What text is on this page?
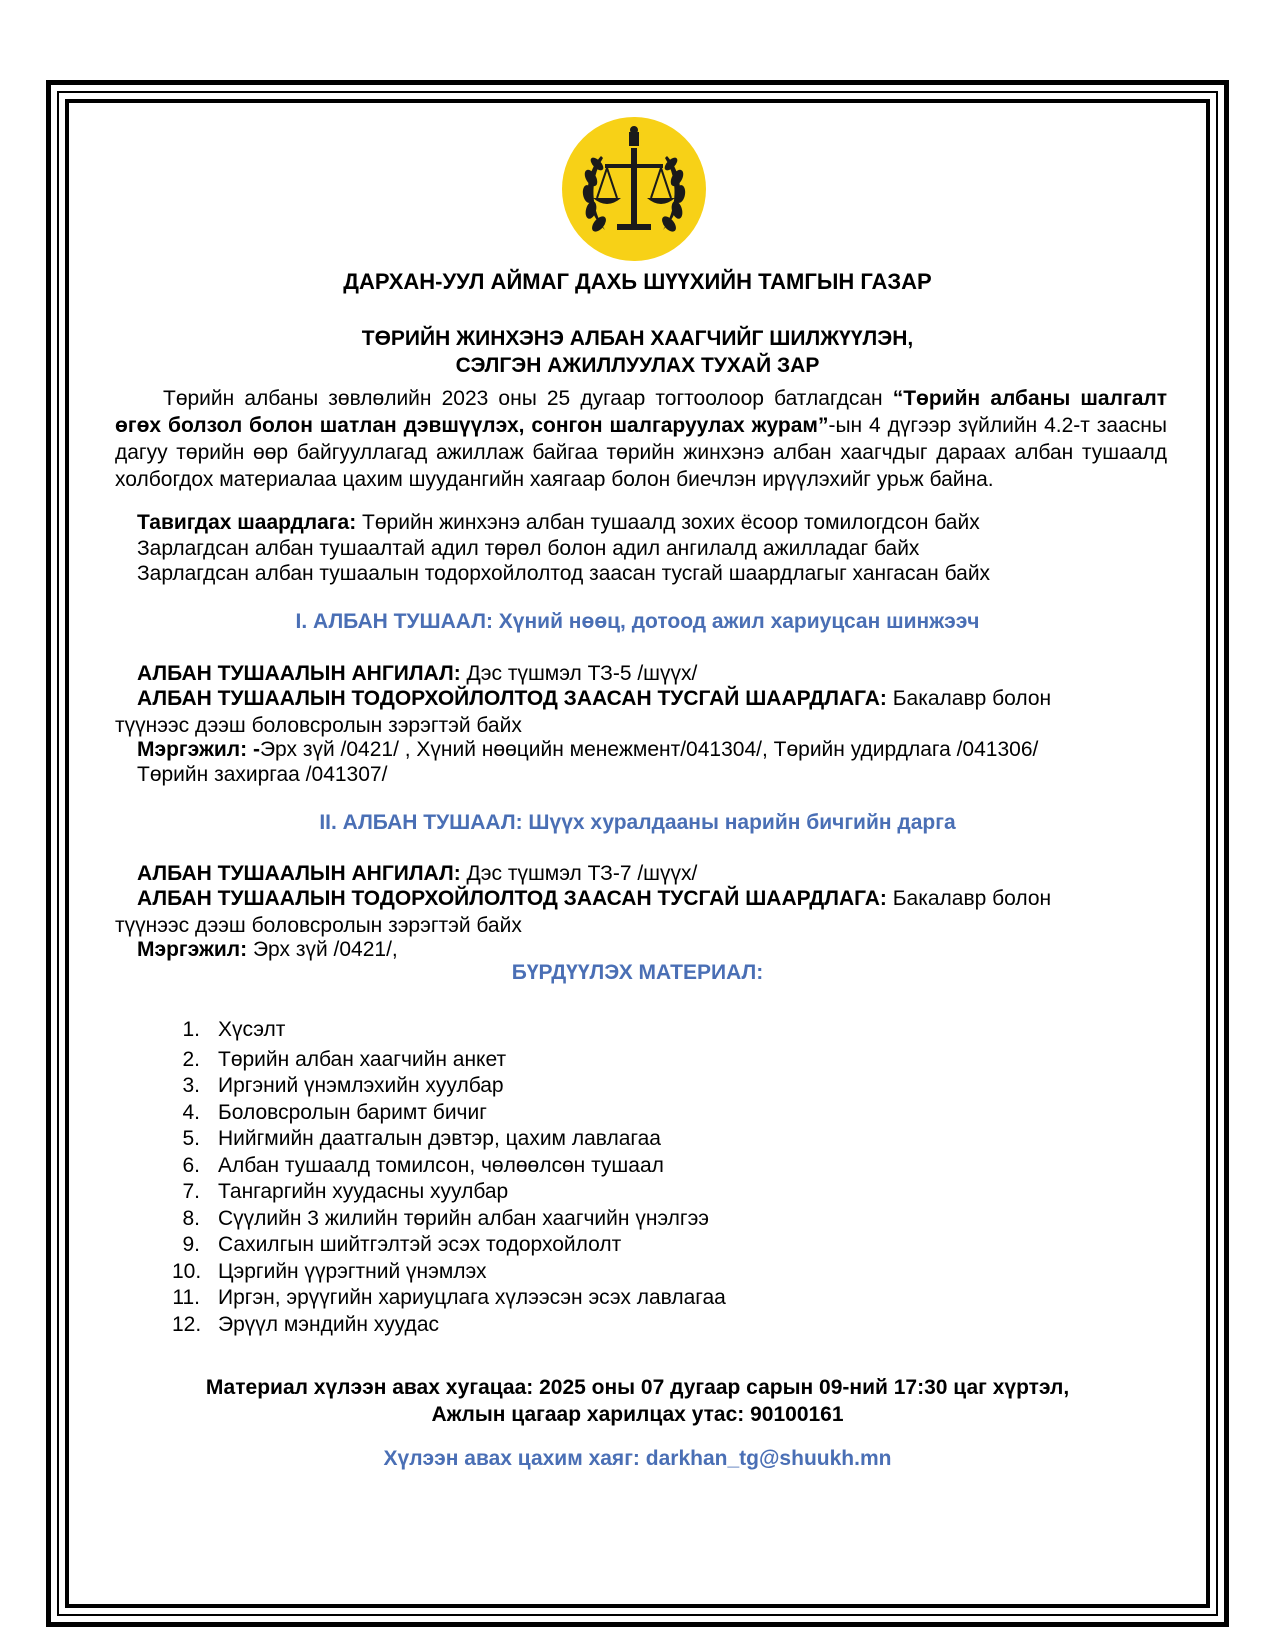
ДАРХАН-УУЛ АЙМАГ ДАХЬ ШҮҮХИЙН ТАМГЫН ГАЗАР
ТӨРИЙН ЖИНХЭНЭ АЛБАН ХААГЧИЙГ ШИЛЖҮҮЛЭН,
СЭЛГЭН АЖИЛЛУУЛАХ ТУХАЙ ЗАР
Төрийн албаны зөвлөлийн 2023 оны 25 дугаар тогтоолоор батлагдсан “Төрийн албаны шалгалт өгөх болзол болон шатлан дэвшүүлэх, сонгон шалгаруулах журам”-ын 4 дүгээр зүйлийн 4.2-т заасны дагуу төрийн өөр байгууллагад ажиллаж байгаа төрийн жинхэнэ албан хаагчдыг дараах албан тушаалд холбогдох материалаа цахим шуудангийн хаягаар болон биечлэн ирүүлэхийг урьж байна.
Тавигдах шаардлага: Төрийн жинхэнэ албан тушаалд зохих ёсоор томилогдсон байх
Зарлагдсан албан тушаалтай адил төрөл болон адил ангилалд ажилладаг байх
Зарлагдсан албан тушаалын тодорхойлолтод заасан тусгай шаардлагыг хангасан байх
I. АЛБАН ТУШААЛ: Хүний нөөц, дотоод ажил хариуцсан шинжээч
АЛБАН ТУШААЛЫН АНГИЛАЛ: Дэс түшмэл ТЗ-5 /шүүх/
АЛБАН ТУШААЛЫН ТОДОРХОЙЛОЛТОД ЗААСАН ТУСГАЙ ШААРДЛАГА: Бакалавр болон
түүнээс дээш боловсролын зэрэгтэй байх
Мэргэжил: -Эрх зүй /0421/ , Хүний нөөцийн менежмент/041304/, Төрийн удирдлага /041306/
Төрийн захиргаа /041307/
II. АЛБАН ТУШААЛ: Шүүх хуралдааны нарийн бичгийн дарга
АЛБАН ТУШААЛЫН АНГИЛАЛ: Дэс түшмэл ТЗ-7 /шүүх/
АЛБАН ТУШААЛЫН ТОДОРХОЙЛОЛТОД ЗААСАН ТУСГАЙ ШААРДЛАГА: Бакалавр болон
түүнээс дээш боловсролын зэрэгтэй байх
Мэргэжил: Эрх зүй /0421/,
БҮРДҮҮЛЭХ МАТЕРИАЛ:
1. Хүсэлт
2. Төрийн албан хаагчийн анкет
3. Иргэний үнэмлэхийн хуулбар
4. Боловсролын баримт бичиг
5. Нийгмийн даатгалын дэвтэр, цахим лавлагаа
6. Албан тушаалд томилсон, чөлөөлсөн тушаал
7. Тангаргийн хуудасны хуулбар
8. Сүүлийн 3 жилийн төрийн албан хаагчийн үнэлгээ
9. Сахилгын шийтгэлтэй эсэх тодорхойлолт
10. Цэргийн үүрэгтний үнэмлэх
11. Иргэн, эрүүгийн хариуцлага хүлээсэн эсэх лавлагаа
12. Эрүүл мэндийн хуудас
Материал хүлээн авах хугацаа: 2025 оны 07 дугаар сарын 09-ний 17:30 цаг хүртэл,
Ажлын цагаар харилцах утас: 90100161
Хүлээн авах цахим хаяг: darkhan_tg@shuukh.mn
